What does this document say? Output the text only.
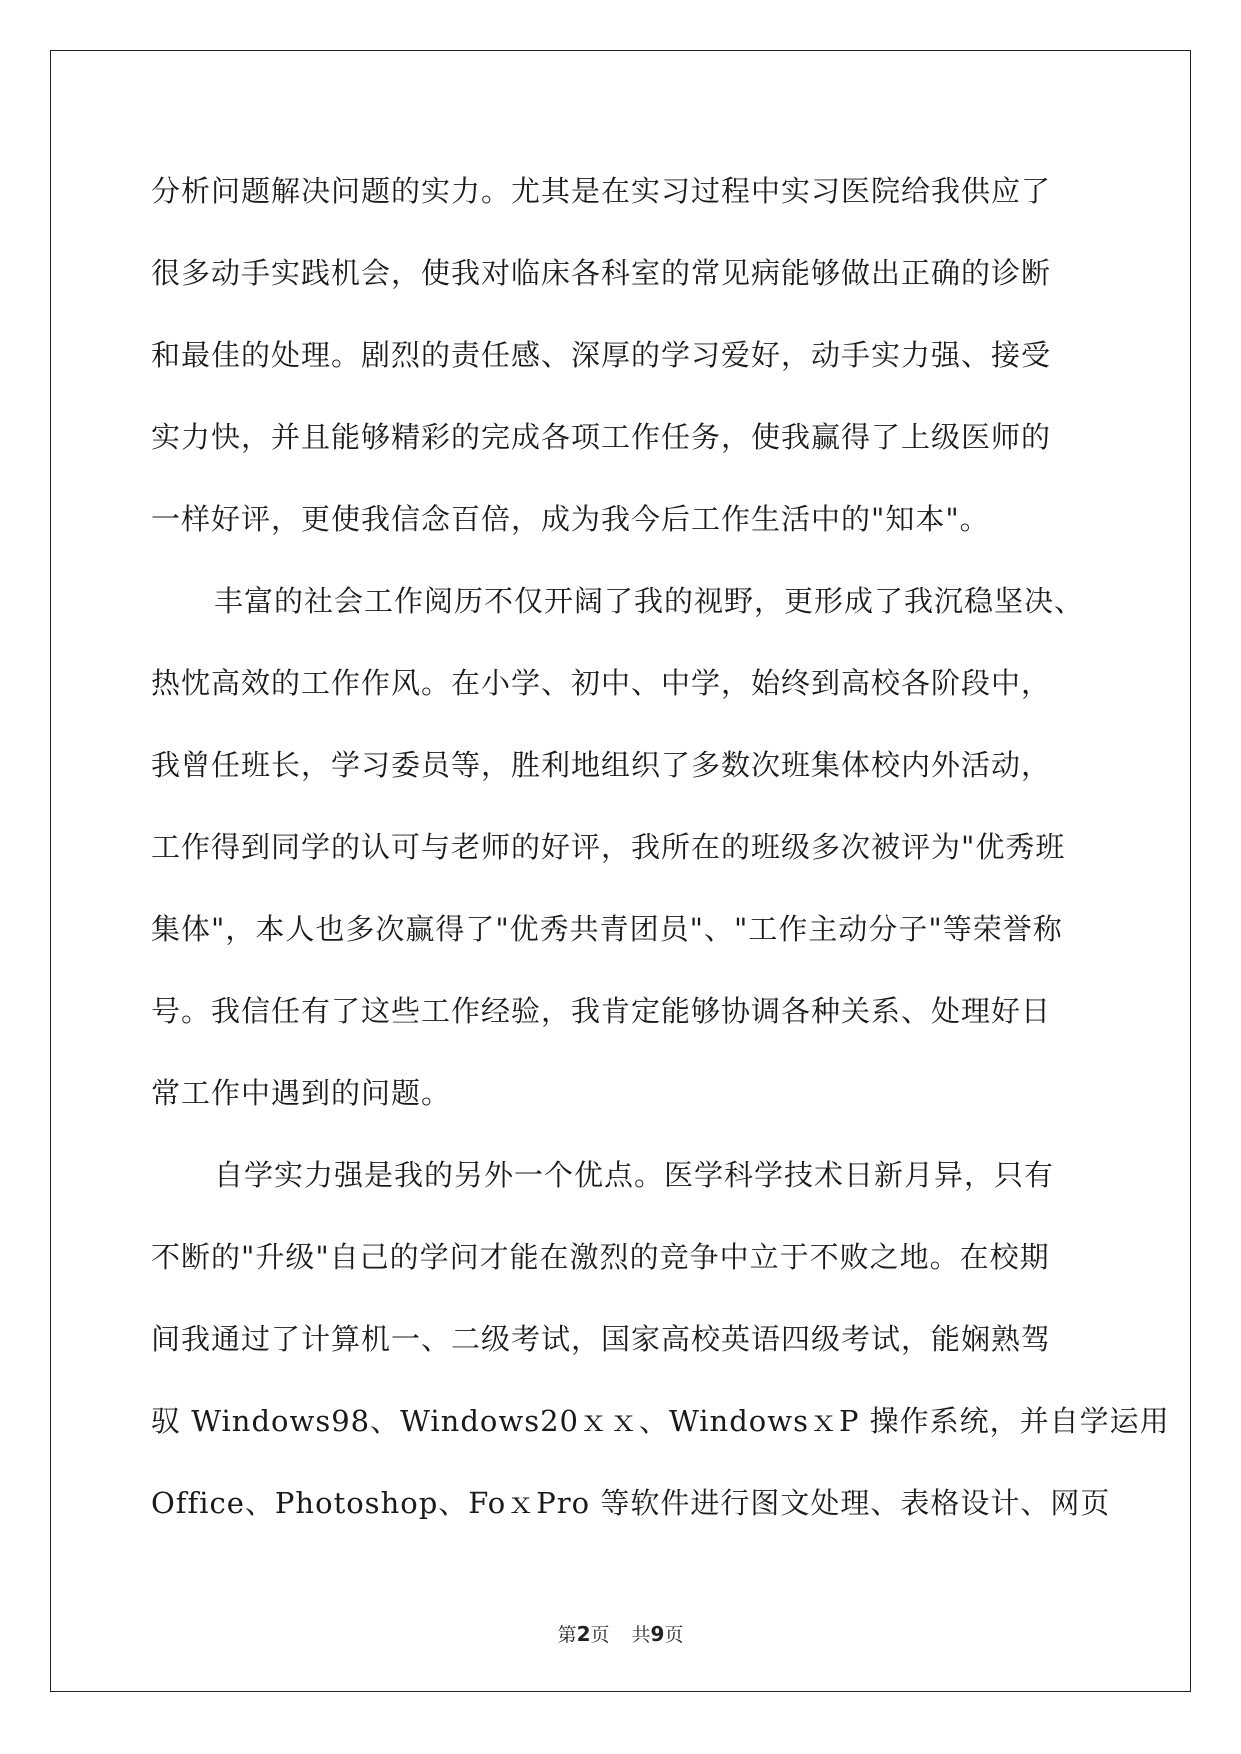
分析问题解决问题的实力。尤其是在实习过程中实习医院给我供应了
很多动手实践机会，使我对临床各科室的常见病能够做出正确的诊断
和最佳的处理。剧烈的责任感、深厚的学习爱好，动手实力强、接受
实力快，并且能够精彩的完成各项工作任务，使我赢得了上级医师的
一样好评，更使我信念百倍，成为我今后工作生活中的"知本"。
丰富的社会工作阅历不仅开阔了我的视野，更形成了我沉稳坚决、
热忱高效的工作作风。在小学、初中、中学，始终到高校各阶段中，
我曾任班长，学习委员等，胜利地组织了多数次班集体校内外活动，
工作得到同学的认可与老师的好评，我所在的班级多次被评为"优秀班
集体"，本人也多次赢得了"优秀共青团员"、"工作主动分子"等荣誉称
号。我信任有了这些工作经验，我肯定能够协调各种关系、处理好日
常工作中遇到的问题。
自学实力强是我的另外一个优点。医学科学技术日新月异，只有
不断的"升级"自己的学问才能在激烈的竞争中立于不败之地。在校期
间我通过了计算机一、二级考试，国家高校英语四级考试，能娴熟驾
驭 Windows98、Windows20ｘｘ、WindowsｘP 操作系统，并自学运用
Office、Photoshop、FoｘPro 等软件进行图文处理、表格设计、网页
第2页 共9页
